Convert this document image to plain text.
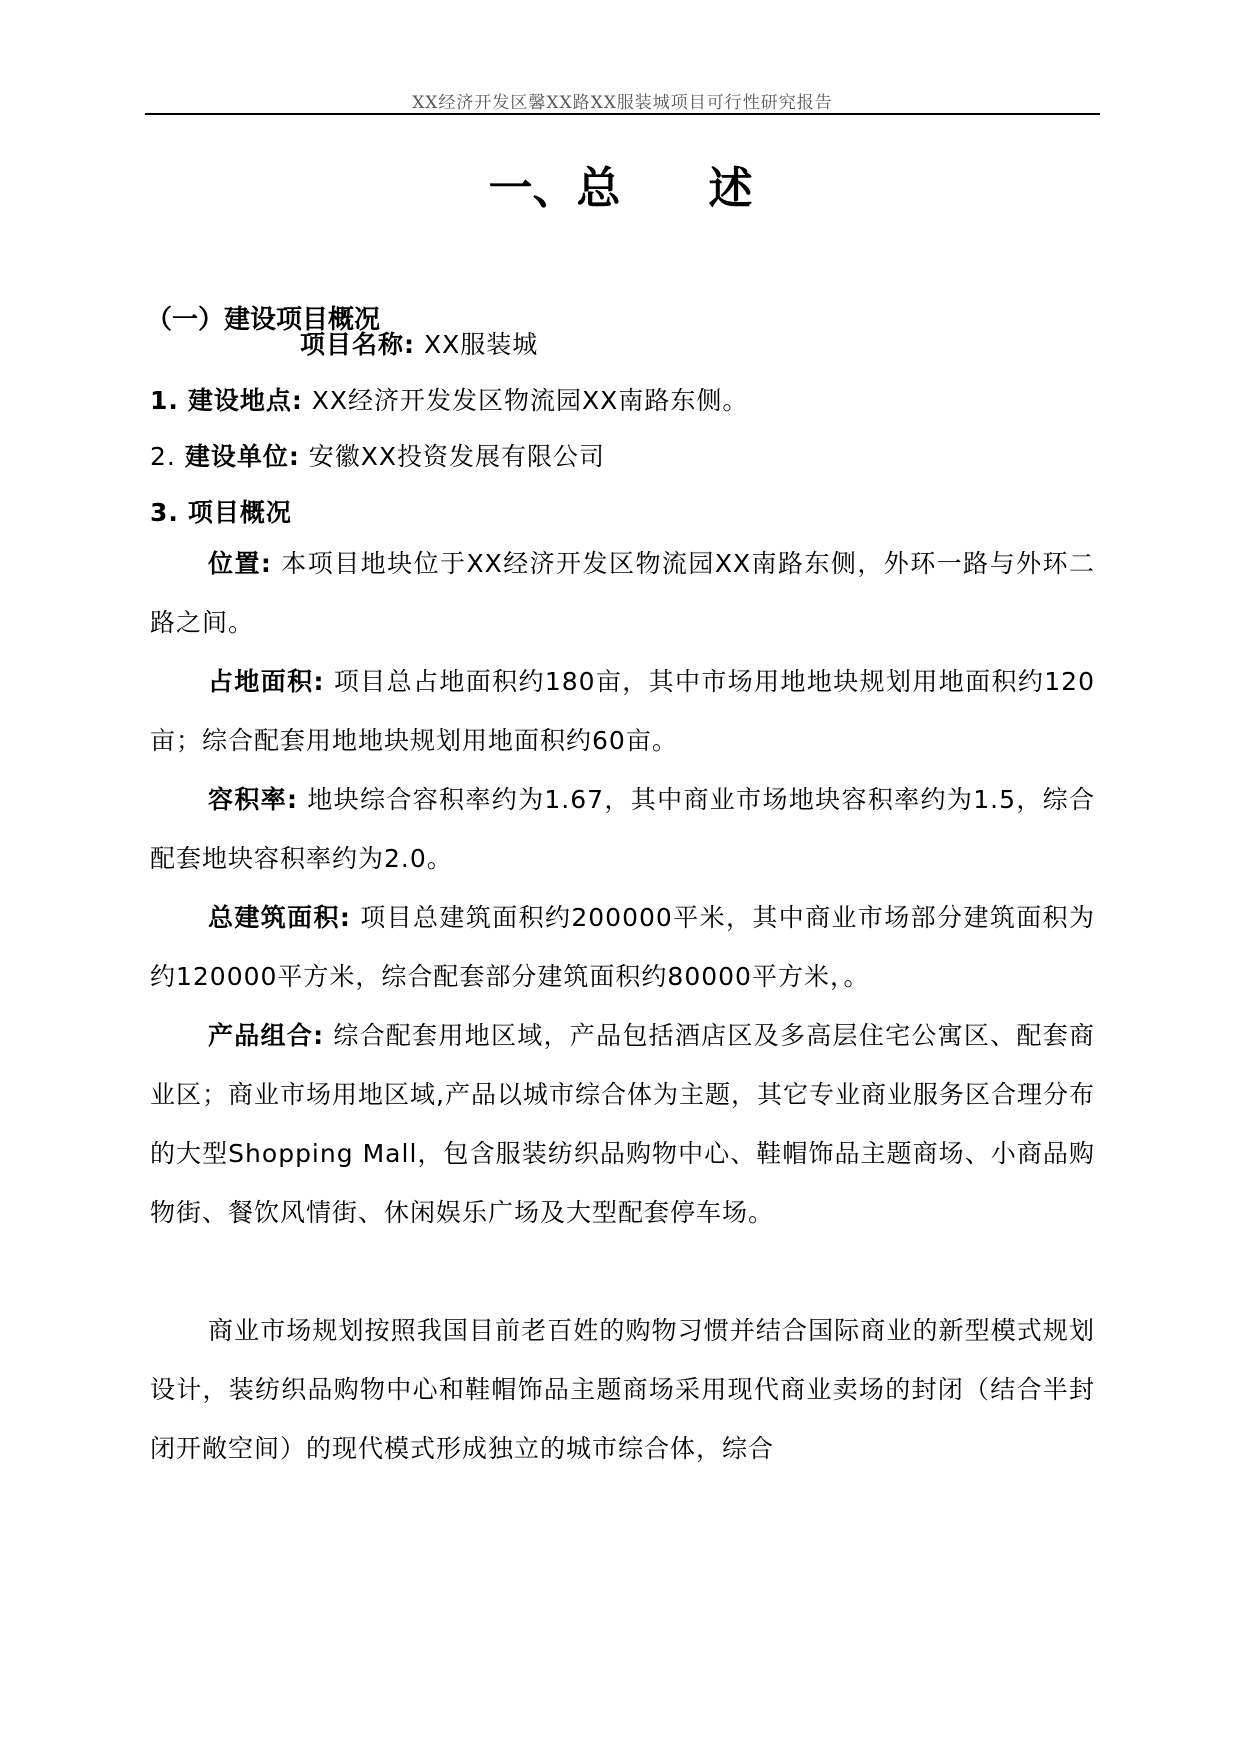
XX经济开发区馨XX路XX服装城项目可行性研究报告
一、总　　述
（一）建设项目概况
项目名称: XX服装城
1. 建设地点: XX经济开发发区物流园XX南路东侧。
2. 建设单位: 安徽XX投资发展有限公司
3. 项目概况
位置: 本项目地块位于XX经济开发区物流园XX南路东侧，外环一路与外环二路之间。
占地面积: 项目总占地面积约180亩，其中市场用地地块规划用地面积约120亩；综合配套用地地块规划用地面积约60亩。
容积率: 地块综合容积率约为1.67，其中商业市场地块容积率约为1.5，综合配套地块容积率约为2.0。
总建筑面积: 项目总建筑面积约200000平米，其中商业市场部分建筑面积为约120000平方米，综合配套部分建筑面积约80000平方米，。
产品组合: 综合配套用地区域，产品包括酒店区及多高层住宅公寓区、配套商业区；商业市场用地区域,产品以城市综合体为主题，其它专业商业服务区合理分布的大型Shopping Mall，包含服装纺织品购物中心、鞋帽饰品主题商场、小商品购物街、餐饮风情街、休闲娱乐广场及大型配套停车场。
商业市场规划按照我国目前老百姓的购物习惯并结合国际商业的新型模式规划设计，装纺织品购物中心和鞋帽饰品主题商场采用现代商业卖场的封闭（结合半封闭开敞空间）的现代模式形成独立的城市综合体，综合
